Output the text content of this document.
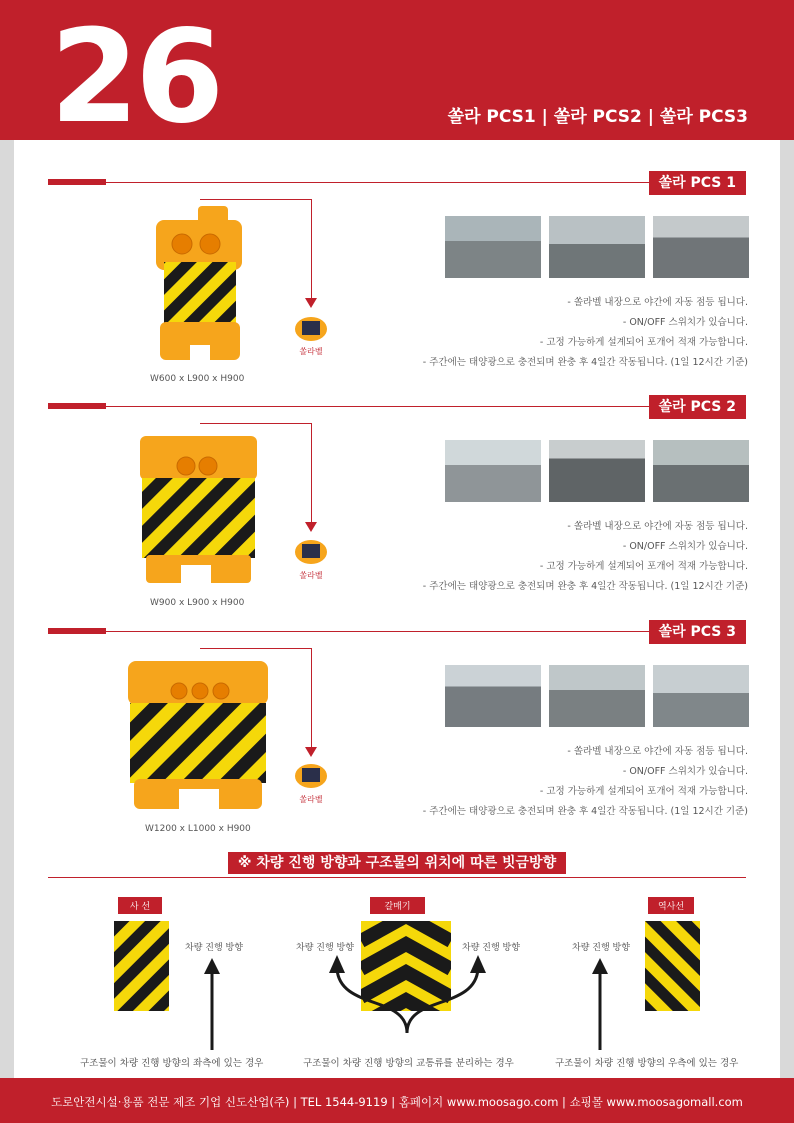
26	쏠라 PCS1 | 쏠라 PCS2 | 쏠라 PCS3
쏠라 PCS 1
쏠라벨
W600 x L900 x H900
- 쏠라벨 내장으로 야간에 자동 점등 됩니다.
- ON/OFF 스위치가 있습니다.
- 고정 가능하게 설계되어 포개어 적재 가능합니다.
- 주간에는 태양광으로 충전되며 완충 후 4일간 작동됩니다. (1일 12시간 기준)
쏠라 PCS 2
쏠라벨
W900 x L900 x H900
- 쏠라벨 내장으로 야간에 자동 점등 됩니다.
- ON/OFF 스위치가 있습니다.
- 고정 가능하게 설계되어 포개어 적재 가능합니다.
- 주간에는 태양광으로 충전되며 완충 후 4일간 작동됩니다. (1일 12시간 기준)
쏠라 PCS 3
쏠라벨
W1200 x L1000 x H900
- 쏠라벨 내장으로 야간에 자동 점등 됩니다.
- ON/OFF 스위치가 있습니다.
- 고정 가능하게 설계되어 포개어 적재 가능합니다.
- 주간에는 태양광으로 충전되며 완충 후 4일간 작동됩니다. (1일 12시간 기준)
※ 차량 진행 방향과 구조물의 위치에 따른 빗금방향
사 선
차량 진행 방향
구조물이 차량 진행 방향의 좌측에 있는 경우
갈매기
차량 진행 방향	차량 진행 방향
구조물이 차량 진행 방향의 교통류를 분리하는 경우
역사선
차량 진행 방향
구조물이 차량 진행 방향의 우측에 있는 경우
도로안전시설·용품 전문 제조 기업 신도산업(주) | TEL 1544-9119 | 홈페이지 www.moosago.com | 쇼핑몰 www.moosagomall.com
